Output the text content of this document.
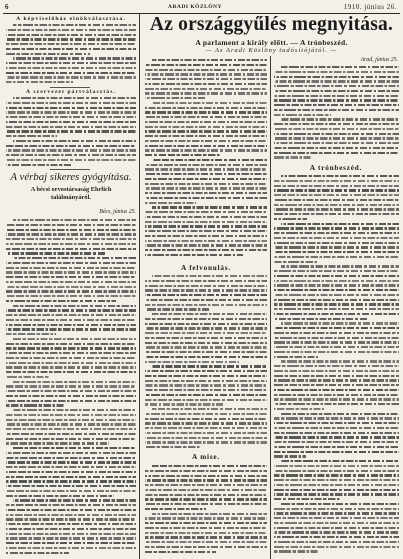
6	ARADI KÖZLÖNY	1910. június 26.
A képviselőház elnökválasztása.
A szervezet pártválasztás.
A vérbaj sikeres gyógyítása.
A bécsi orvostársaság Ehrlich találmányáról.
Bécs, június 25.
Az országgyűlés megnyitása.
A parlament a király előtt. — A trónbeszéd.
— Az Aradi Közlöny tudósítójától. —
A felvonulás.
A mise.
Arad, június 25.
A trónbeszéd.
